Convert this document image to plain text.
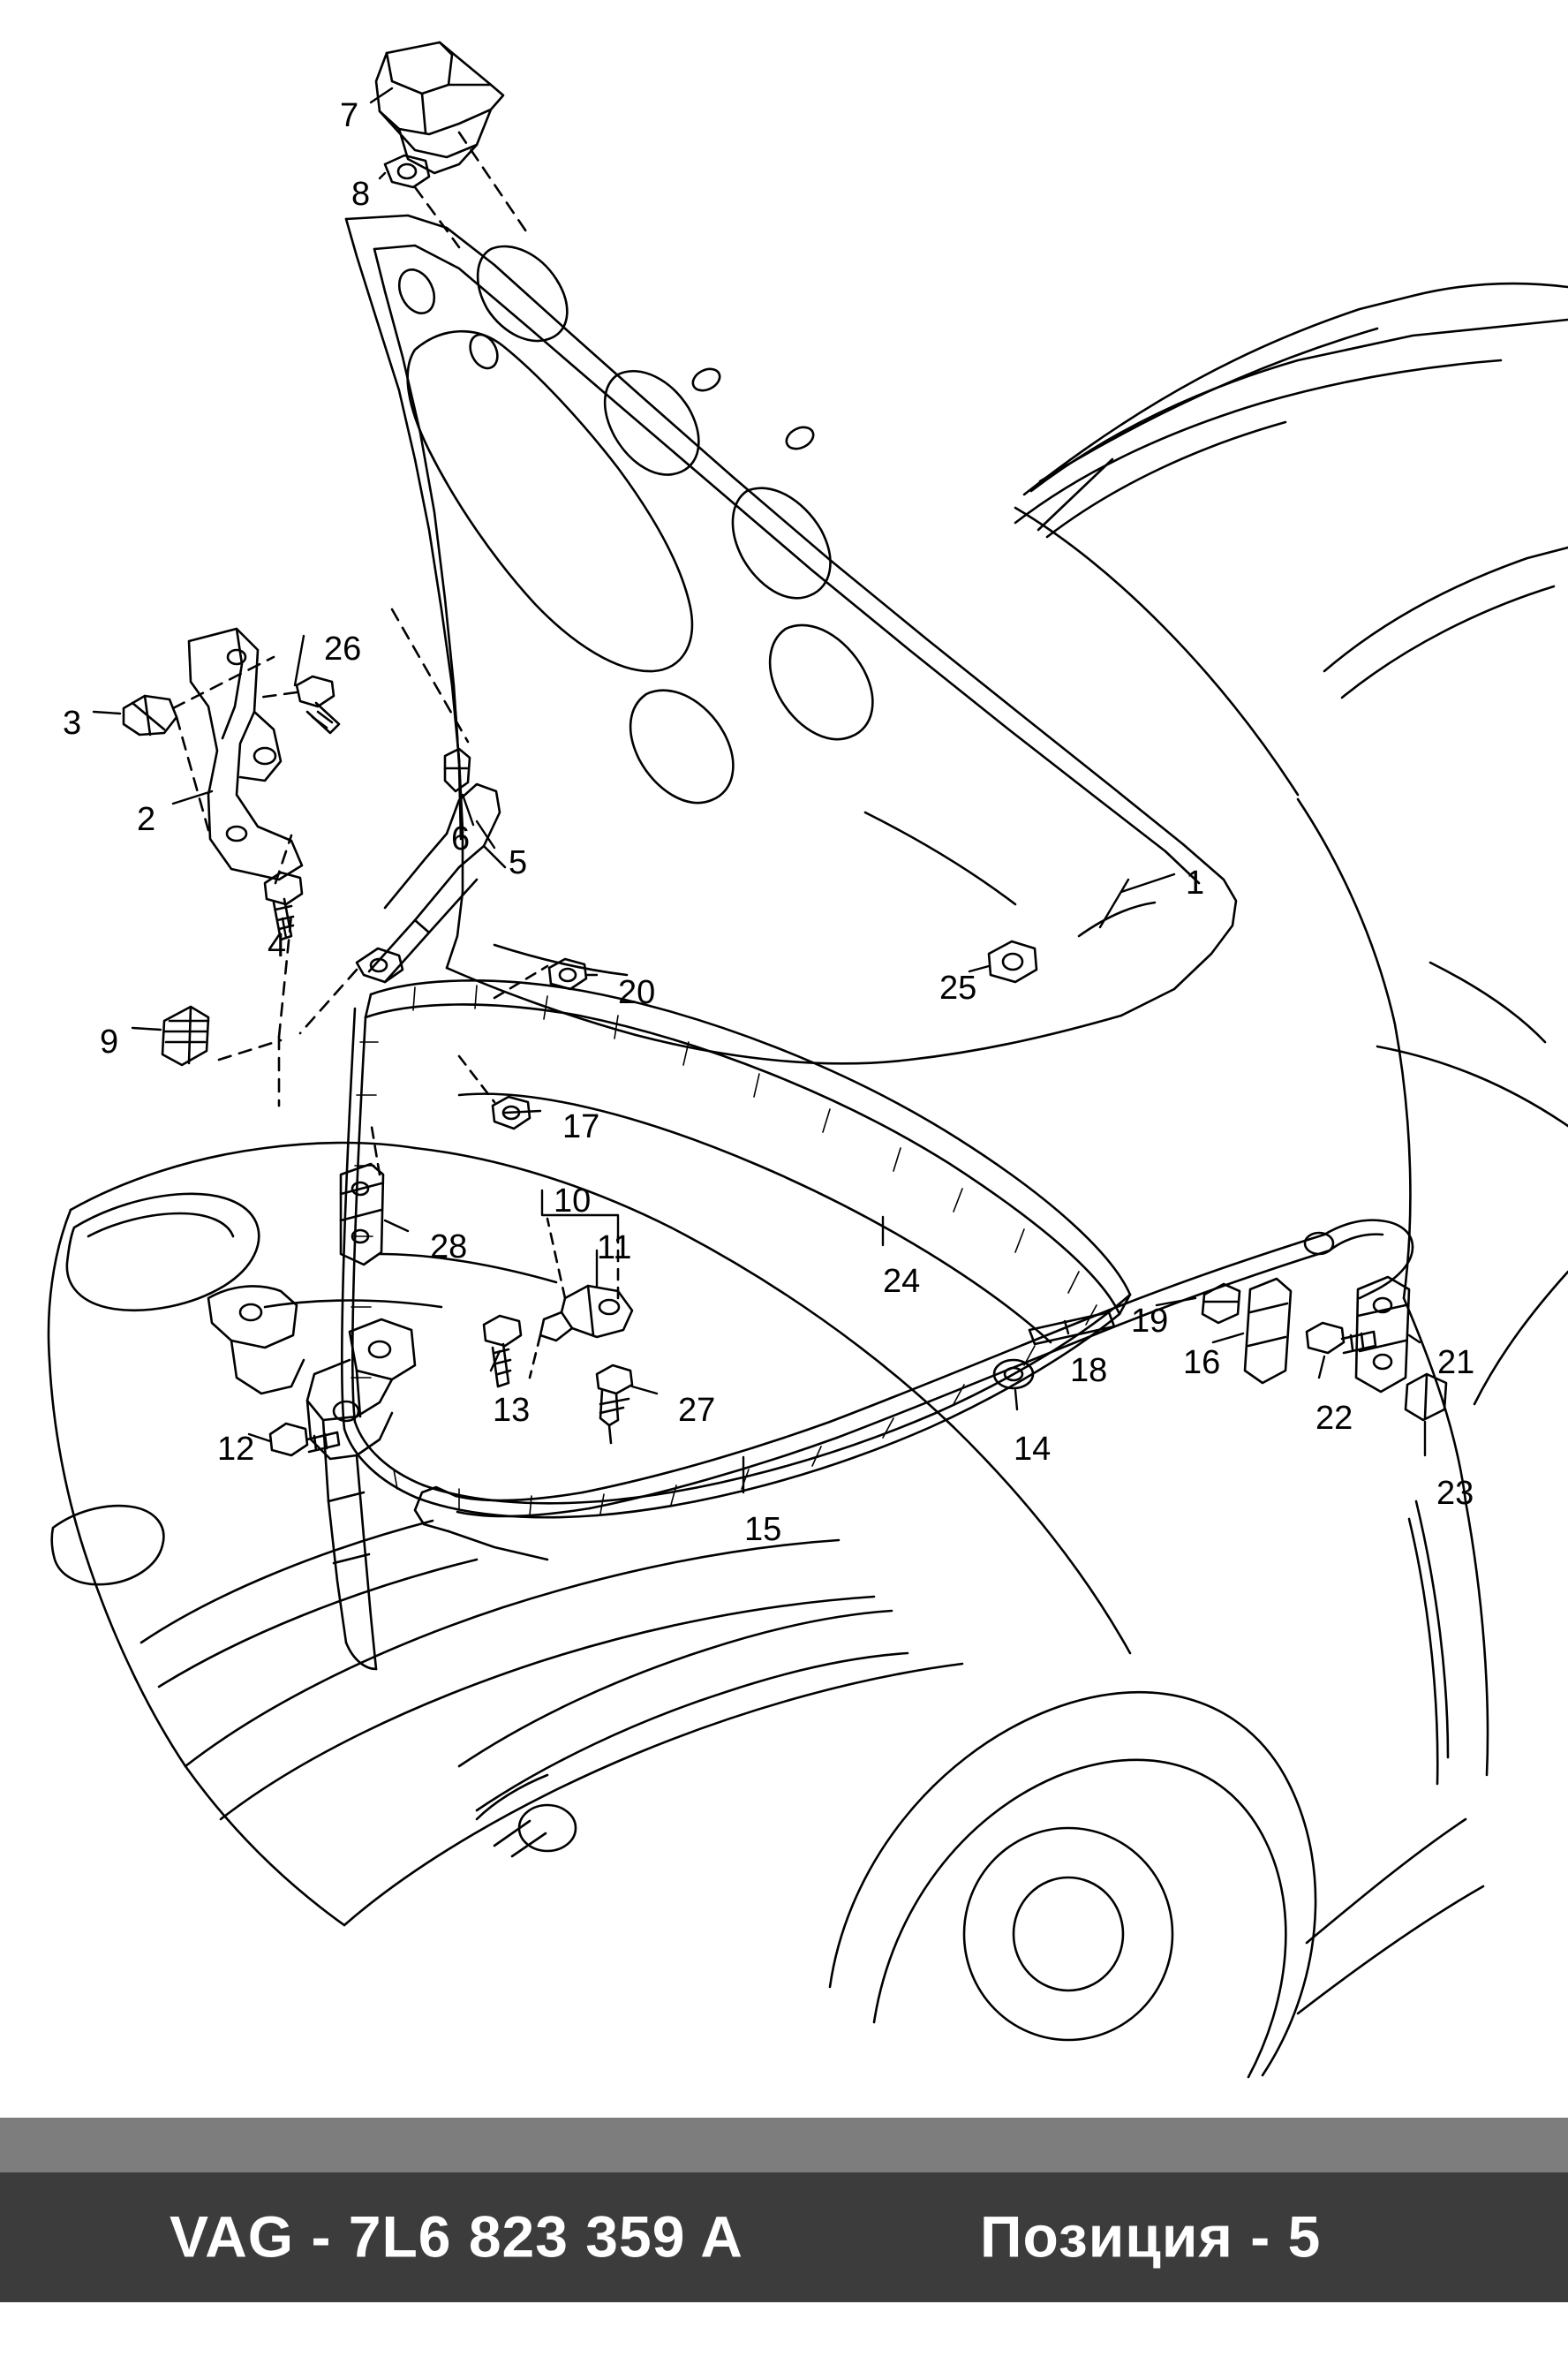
1
2
3
4
5
6
7
8
9
10
11
12
13
14
15
16
17
18
19
20
21
22
23
24
25
26
27
28
VAG - 7L6 823 359 A	Позиция - 5
